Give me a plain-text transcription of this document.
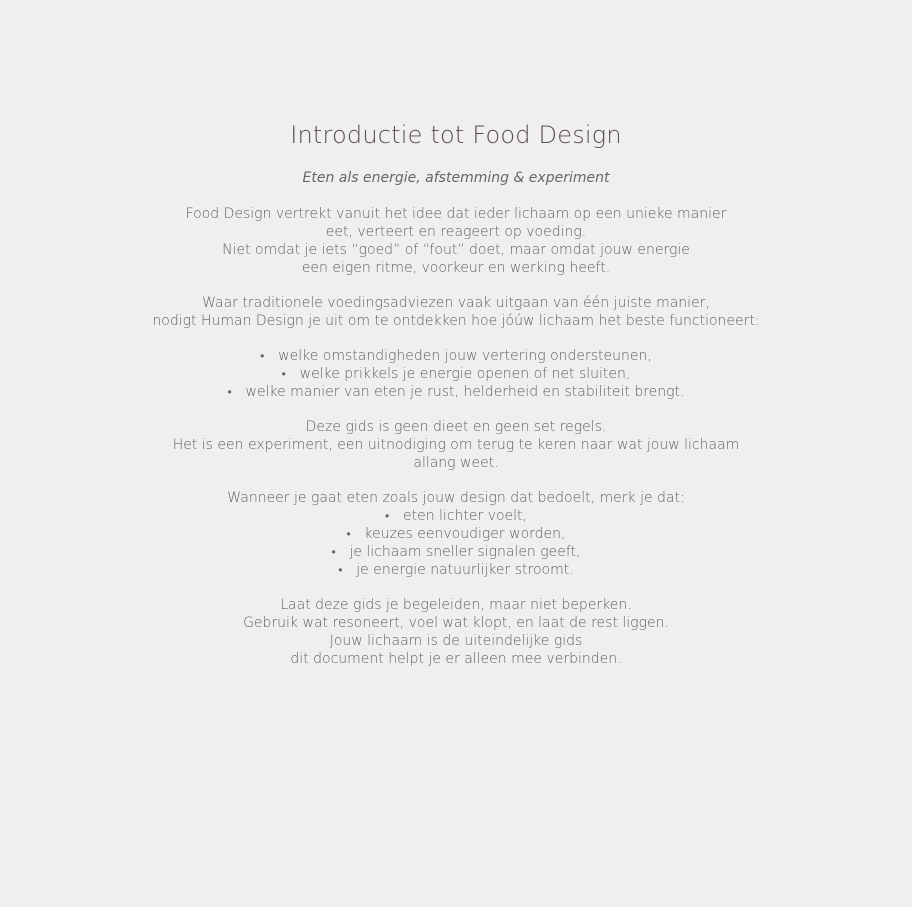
Introductie tot Food Design

Eten als energie, afstemming & experiment

Food Design vertrekt vanuit het idee dat ieder lichaam op een unieke manier
eet, verteert en reageert op voeding.
Niet omdat je iets “goed” of “fout” doet, maar omdat jouw energie
een eigen ritme, voorkeur en werking heeft.

Waar traditionele voedingsadviezen vaak uitgaan van één juiste manier,
nodigt Human Design je uit om te ontdekken hoe jóúw lichaam het beste functioneert:

• welke omstandigheden jouw vertering ondersteunen,
• welke prikkels je energie openen of net sluiten,
• welke manier van eten je rust, helderheid en stabiliteit brengt.

Deze gids is geen dieet en geen set regels.
Het is een experiment, een uitnodiging om terug te keren naar wat jouw lichaam
allang weet.

Wanneer je gaat eten zoals jouw design dat bedoelt, merk je dat:

• eten lichter voelt,
• keuzes eenvoudiger worden,
• je lichaam sneller signalen geeft,
• je energie natuurlijker stroomt.

Laat deze gids je begeleiden, maar niet beperken.
Gebruik wat resoneert, voel wat klopt, en laat de rest liggen.
Jouw lichaam is de uiteindelijke gids
dit document helpt je er alleen mee verbinden.
